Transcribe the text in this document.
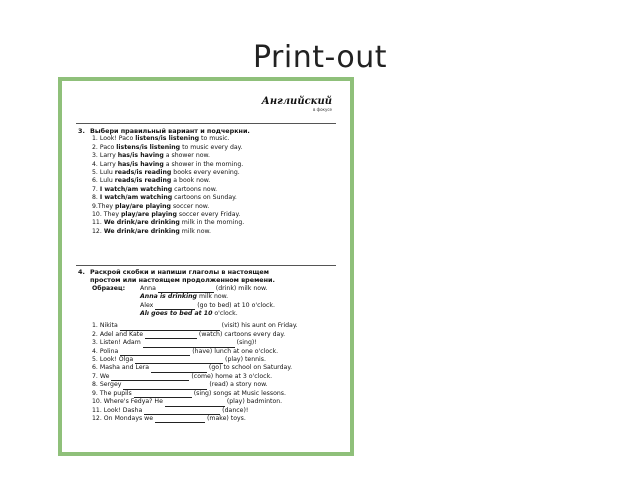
Print-out
Английский
в фокусе
3. Выбери правильный вариант и подчеркни.
1. Look! Paco listens/is listening to music.
2. Paco listens/is listening to music every day.
3. Larry has/is having a shower now.
4. Larry has/is having a shower in the morning.
5. Lulu reads/is reading books every evening.
6. Lulu reads/is reading a book now.
7. I watch/am watching cartoons now.
8. I watch/am watching cartoons on Sunday.
9.They play/are playing soccer now.
10. They play/are playing soccer every Friday.
11. We drink/are drinking milk in the morning.
12. We drink/are drinking milk now.
4. Раскрой скобки и напиши глаголы в настоящем
простом или настоящем продолженном времени.
Образец: Anna	(drink) milk now.
Anna is drinking milk now.
Alex	(go to bed) at 10 o'clock.
Alı goes to bed at 10 o'clock.
1. Nikita	(visit) his aunt on Friday.
2. Adel and Kate	(watch) cartoons every day.
3. Listen! Adam	(sing)!
4. Polina	(have) lunch at one o'clock.
5. Look! Olga	(play) tennis.
6. Masha and Lera	(go) to school on Saturday.
7. We	(come) home at 3 o'clock.
8. Sergey	(read) a story now.
9. The pupils	(sing) songs at Music lessons.
10. Where's Fedya? He	(play) badminton.
11. Look! Dasha	(dance)!
12. On Mondays we	(make) toys.
